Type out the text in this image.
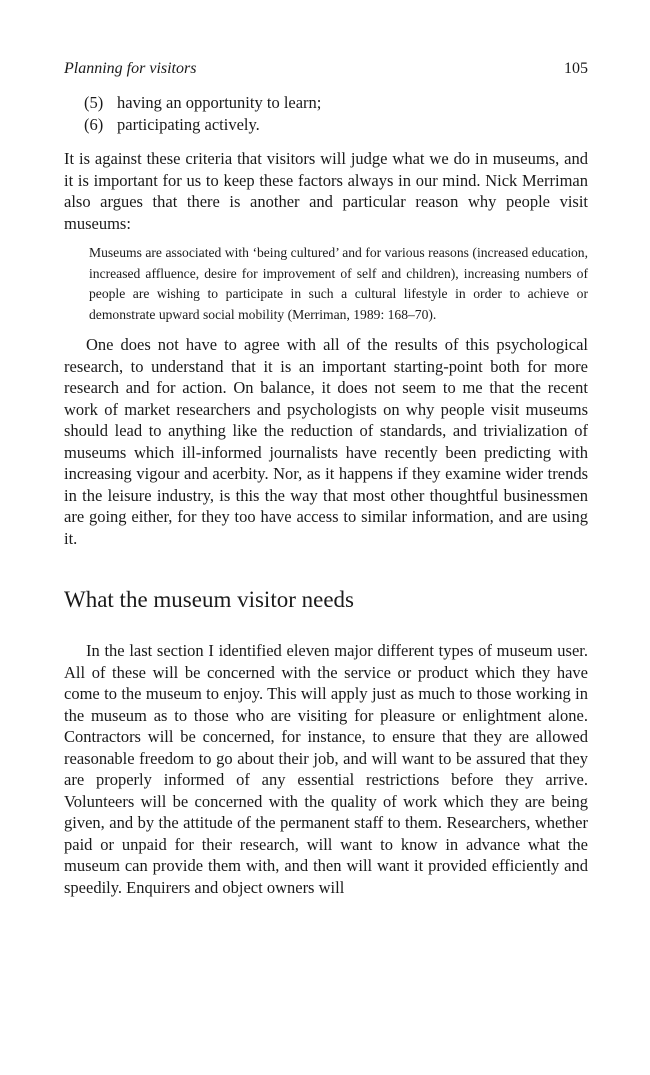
Planning for visitors	105
(5) having an opportunity to learn;
(6) participating actively.

It is against these criteria that visitors will judge what we do in museums, and it is important for us to keep these factors always in our mind. Nick Merriman also argues that there is another and particular reason why people visit museums:

Museums are associated with ‘being cultured’ and for various reasons (increased education, increased affluence, desire for improvement of self and children), increasing numbers of people are wishing to participate in such a cultural lifestyle in order to achieve or demonstrate upward social mobility (Merriman, 1989: 168–70).

One does not have to agree with all of the results of this psychological research, to understand that it is an important starting-point both for more research and for action. On balance, it does not seem to me that the recent work of market researchers and psychologists on why people visit museums should lead to anything like the reduction of standards, and trivialization of museums which ill-informed journalists have recently been predicting with increasing vigour and acerbity. Nor, as it happens if they examine wider trends in the leisure industry, is this the way that most other thoughtful businessmen are going either, for they too have access to similar information, and are using it.

What the museum visitor needs

In the last section I identified eleven major different types of museum user. All of these will be concerned with the service or product which they have come to the museum to enjoy. This will apply just as much to those working in the museum as to those who are visiting for pleasure or enlightment alone. Contractors will be concerned, for instance, to ensure that they are allowed reasonable freedom to go about their job, and will want to be assured that they are properly informed of any essential restrictions before they arrive. Volunteers will be concerned with the quality of work which they are being given, and by the attitude of the permanent staff to them. Researchers, whether paid or unpaid for their research, will want to know in advance what the museum can provide them with, and then will want it provided efficiently and speedily. Enquirers and object owners will
